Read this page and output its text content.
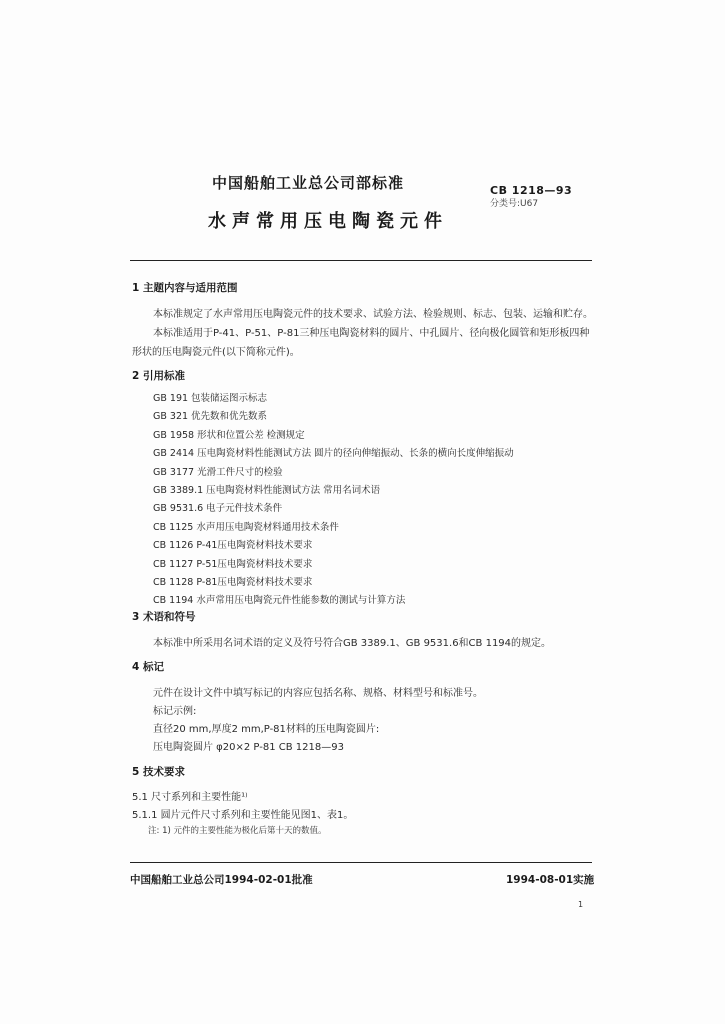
中国船舶工业总公司部标准	CB 1218—93
分类号:U67
水声常用压电陶瓷元件
1 主题内容与适用范围
本标准规定了水声常用压电陶瓷元件的技术要求、试验方法、检验规则、标志、包装、运输和贮存。
本标准适用于P-41、P-51、P-81三种压电陶瓷材料的圆片、中孔圆片、径向极化圆管和矩形板四种
形状的压电陶瓷元件(以下简称元件)。
2 引用标准
GB 191 包装储运图示标志
GB 321 优先数和优先数系
GB 1958 形状和位置公差 检测规定
GB 2414 压电陶瓷材料性能测试方法 圆片的径向伸缩振动、长条的横向长度伸缩振动
GB 3177 光滑工件尺寸的检验
GB 3389.1 压电陶瓷材料性能测试方法 常用名词术语
GB 9531.6 电子元件技术条件
CB 1125 水声用压电陶瓷材料通用技术条件
CB 1126 P-41压电陶瓷材料技术要求
CB 1127 P-51压电陶瓷材料技术要求
CB 1128 P-81压电陶瓷材料技术要求
CB 1194 水声常用压电陶瓷元件性能参数的测试与计算方法
3 术语和符号
本标准中所采用名词术语的定义及符号符合GB 3389.1、GB 9531.6和CB 1194的规定。
4 标记
元件在设计文件中填写标记的内容应包括名称、规格、材料型号和标准号。
标记示例:
直径20 mm,厚度2 mm,P-81材料的压电陶瓷圆片:
压电陶瓷圆片 φ20×2 P-81 CB 1218—93
5 技术要求
5.1 尺寸系列和主要性能¹⁾
5.1.1 圆片元件尺寸系列和主要性能见图1、表1。
注: 1) 元件的主要性能为极化后第十天的数值。
中国船舶工业总公司1994-02-01批准	1994-08-01实施
1
